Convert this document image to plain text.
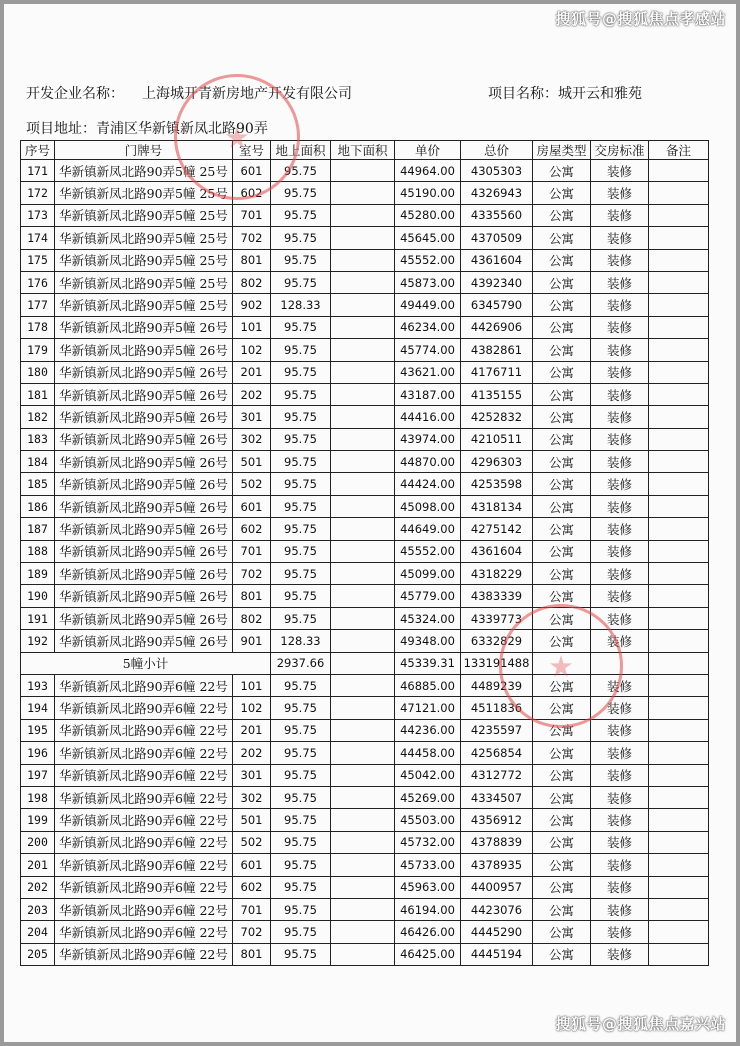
搜狐号@搜狐焦点孝感站
开发企业名称： 上海城开青新房地产开发有限公司	项目名称：城开云和雅苑
项目地址：青浦区华新镇新凤北路90弄
序号	门牌号	室号	地上面积	地下面积	单价	总价	房屋类型	交房标准	备注
171	华新镇新凤北路90弄5幢 25号	601	95.75		44964.00	4305303	公寓	装修	
172	华新镇新凤北路90弄5幢 25号	602	95.75		45190.00	4326943	公寓	装修	
173	华新镇新凤北路90弄5幢 25号	701	95.75		45280.00	4335560	公寓	装修	
174	华新镇新凤北路90弄5幢 25号	702	95.75		45645.00	4370509	公寓	装修	
175	华新镇新凤北路90弄5幢 25号	801	95.75		45552.00	4361604	公寓	装修	
176	华新镇新凤北路90弄5幢 25号	802	95.75		45873.00	4392340	公寓	装修	
177	华新镇新凤北路90弄5幢 25号	902	128.33		49449.00	6345790	公寓	装修	
178	华新镇新凤北路90弄5幢 26号	101	95.75		46234.00	4426906	公寓	装修	
179	华新镇新凤北路90弄5幢 26号	102	95.75		45774.00	4382861	公寓	装修	
180	华新镇新凤北路90弄5幢 26号	201	95.75		43621.00	4176711	公寓	装修	
181	华新镇新凤北路90弄5幢 26号	202	95.75		43187.00	4135155	公寓	装修	
182	华新镇新凤北路90弄5幢 26号	301	95.75		44416.00	4252832	公寓	装修	
183	华新镇新凤北路90弄5幢 26号	302	95.75		43974.00	4210511	公寓	装修	
184	华新镇新凤北路90弄5幢 26号	501	95.75		44870.00	4296303	公寓	装修	
185	华新镇新凤北路90弄5幢 26号	502	95.75		44424.00	4253598	公寓	装修	
186	华新镇新凤北路90弄5幢 26号	601	95.75		45098.00	4318134	公寓	装修	
187	华新镇新凤北路90弄5幢 26号	602	95.75		44649.00	4275142	公寓	装修	
188	华新镇新凤北路90弄5幢 26号	701	95.75		45552.00	4361604	公寓	装修	
189	华新镇新凤北路90弄5幢 26号	702	95.75		45099.00	4318229	公寓	装修	
190	华新镇新凤北路90弄5幢 26号	801	95.75		45779.00	4383339	公寓	装修	
191	华新镇新凤北路90弄5幢 26号	802	95.75		45324.00	4339773	公寓	装修	
192	华新镇新凤北路90弄5幢 26号	901	128.33		49348.00	6332829	公寓	装修	
5幢小计			2937.66		45339.31	133191488			
193	华新镇新凤北路90弄6幢 22号	101	95.75		46885.00	4489239	公寓	装修	
194	华新镇新凤北路90弄6幢 22号	102	95.75		47121.00	4511836	公寓	装修	
195	华新镇新凤北路90弄6幢 22号	201	95.75		44236.00	4235597	公寓	装修	
196	华新镇新凤北路90弄6幢 22号	202	95.75		44458.00	4256854	公寓	装修	
197	华新镇新凤北路90弄6幢 22号	301	95.75		45042.00	4312772	公寓	装修	
198	华新镇新凤北路90弄6幢 22号	302	95.75		45269.00	4334507	公寓	装修	
199	华新镇新凤北路90弄6幢 22号	501	95.75		45503.00	4356912	公寓	装修	
200	华新镇新凤北路90弄6幢 22号	502	95.75		45732.00	4378839	公寓	装修	
201	华新镇新凤北路90弄6幢 22号	601	95.75		45733.00	4378935	公寓	装修	
202	华新镇新凤北路90弄6幢 22号	602	95.75		45963.00	4400957	公寓	装修	
203	华新镇新凤北路90弄6幢 22号	701	95.75		46194.00	4423076	公寓	装修	
204	华新镇新凤北路90弄6幢 22号	702	95.75		46426.00	4445290	公寓	装修	
205	华新镇新凤北路90弄6幢 22号	801	95.75		46425.00	4445194	公寓	装修	
搜狐号@搜狐焦点嘉兴站
